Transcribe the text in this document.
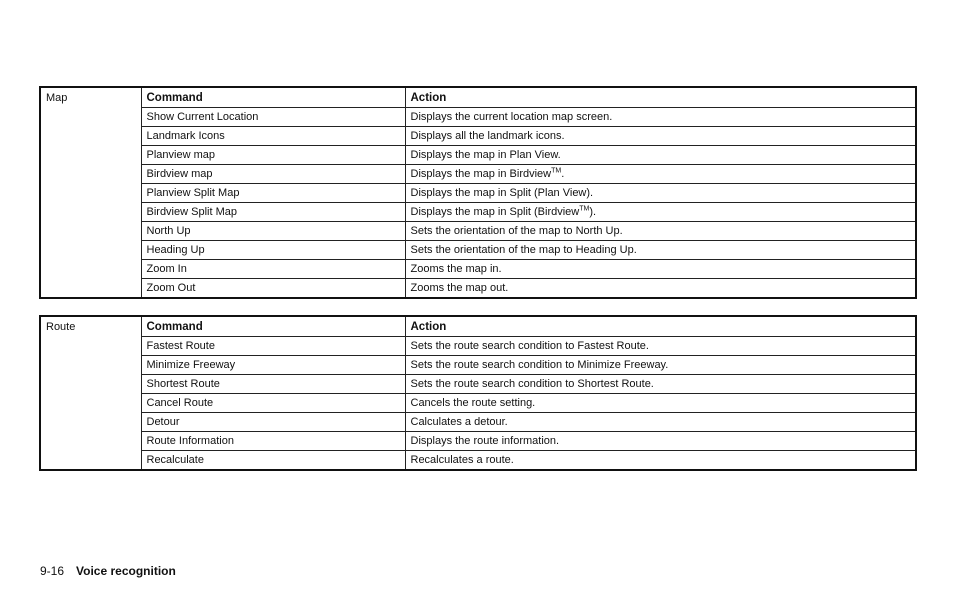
Map	Command	Action
	Show Current Location	Displays the current location map screen.
	Landmark Icons	Displays all the landmark icons.
	Planview map	Displays the map in Plan View.
	Birdview map	Displays the map in Birdview™.
	Planview Split Map	Displays the map in Split (Plan View).
	Birdview Split Map	Displays the map in Split (Birdview™).
	North Up	Sets the orientation of the map to North Up.
	Heading Up	Sets the orientation of the map to Heading Up.
	Zoom In	Zooms the map in.
	Zoom Out	Zooms the map out.
Route	Command	Action
	Fastest Route	Sets the route search condition to Fastest Route.
	Minimize Freeway	Sets the route search condition to Minimize Freeway.
	Shortest Route	Sets the route search condition to Shortest Route.
	Cancel Route	Cancels the route setting.
	Detour	Calculates a detour.
	Route Information	Displays the route information.
	Recalculate	Recalculates a route.
9-16 Voice recognition
